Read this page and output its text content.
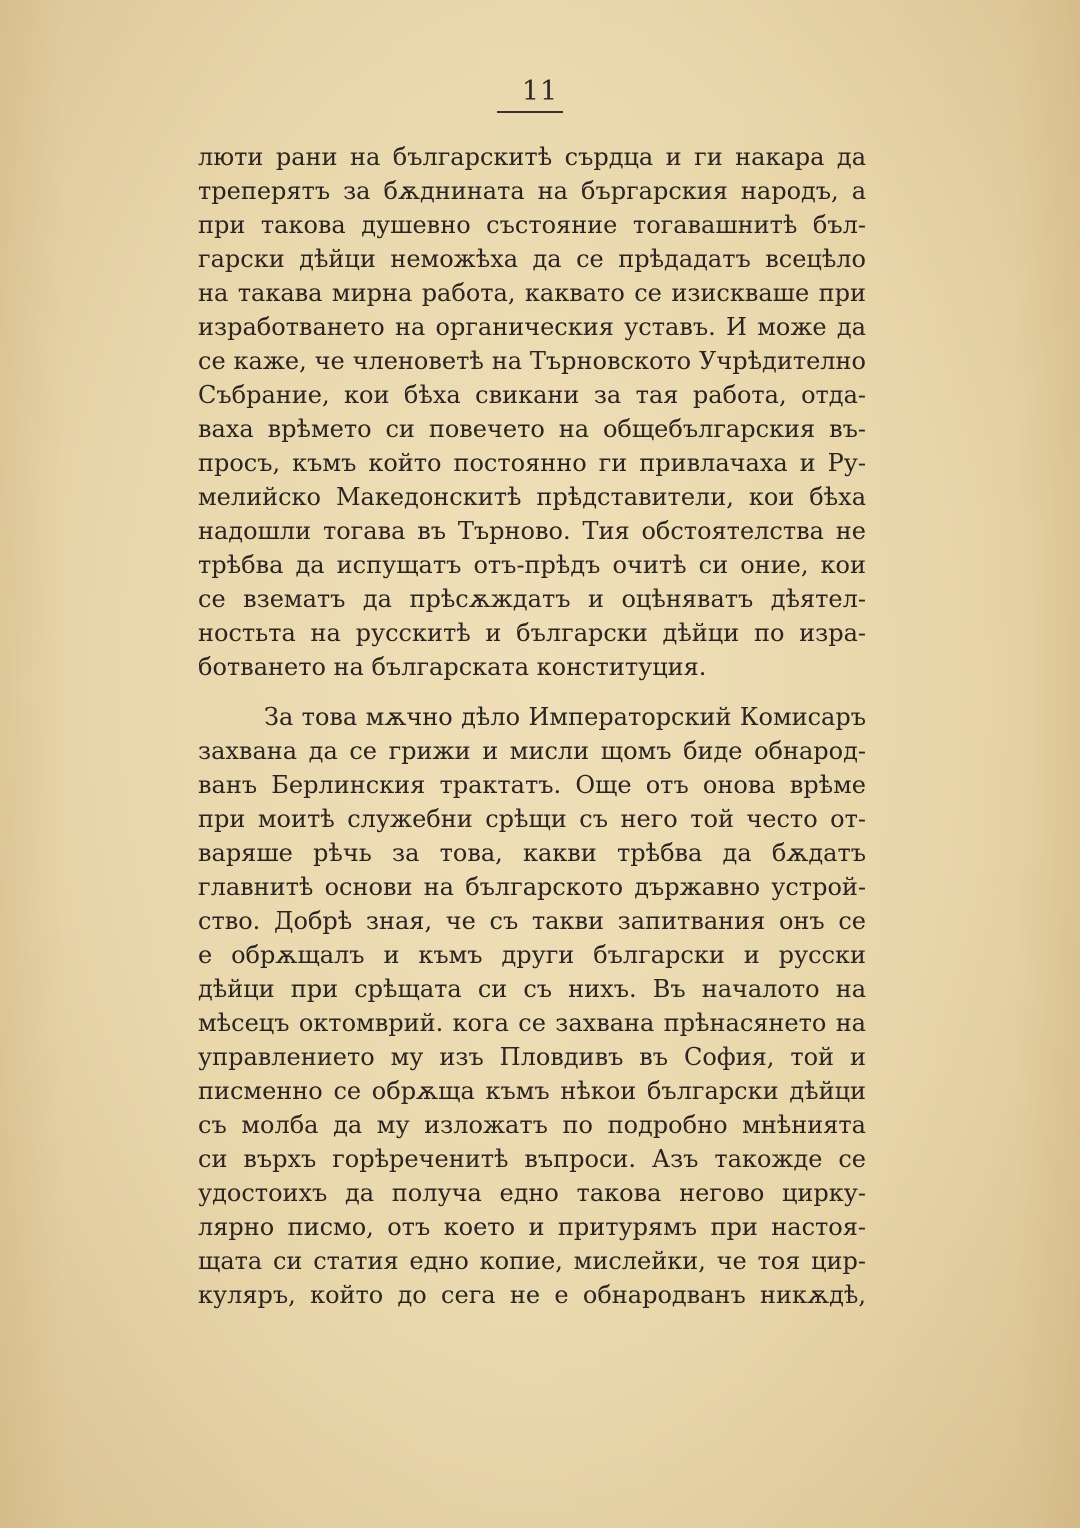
11
люти рани на българскитѣ сърдца и ги накара да
треперятъ за бѫднината на бъргарския народъ, а
при такова душевно състояние тогавашнитѣ бъл-
гарски дѣйци неможѣха да се прѣдадатъ всецѣло
на такава мирна работа, каквато се изискваше при
изработването на органическия уставъ. И може да
се каже, че членоветѣ на Търновското Учрѣдително
Събрание, кои бѣха свикани за тая работа, отда-
ваха врѣмето си повечето на общебългарския въ-
просъ, къмъ който постоянно ги привлачаха и Ру-
мелийско Македонскитѣ прѣдставители, кои бѣха
надошли тогава въ Търново. Тия обстоятелства не
трѣбва да испущатъ отъ-прѣдъ очитѣ си оние, кои
се взематъ да прѣсѫждатъ и оцѣняватъ дѣятел-
ностьта на русскитѣ и български дѣйци по изра-
ботването на българската конституция.
За това мѫчно дѣло Императорский Комисаръ
захвана да се грижи и мисли щомъ биде обнарод-
ванъ Берлинския трактатъ. Още отъ онова врѣме
при моитѣ служебни срѣщи съ него той често от-
варяше рѣчь за това, какви трѣбва да бѫдатъ
главнитѣ основи на българското държавно устрой-
ство. Добрѣ зная, че съ такви запитвания онъ се
е обрѫщалъ и къмъ други български и русски
дѣйци при срѣщата си съ нихъ. Въ началото на
мѣсецъ октомврий. кога се захвана прѣнасянето на
управлението му изъ Пловдивъ въ София, той и
писменно се обрѫща къмъ нѣкои български дѣйци
съ молба да му изложатъ по подробно мнѣнията
си върхъ горѣреченитѣ въпроси. Азъ такожде се
удостоихъ да получа едно такова негово цирку-
лярно писмо, отъ което и притурямъ при настоя-
щата си статия едно копие, мислейки, че тоя цир-
куляръ, който до сега не е обнародванъ никѫдѣ,
